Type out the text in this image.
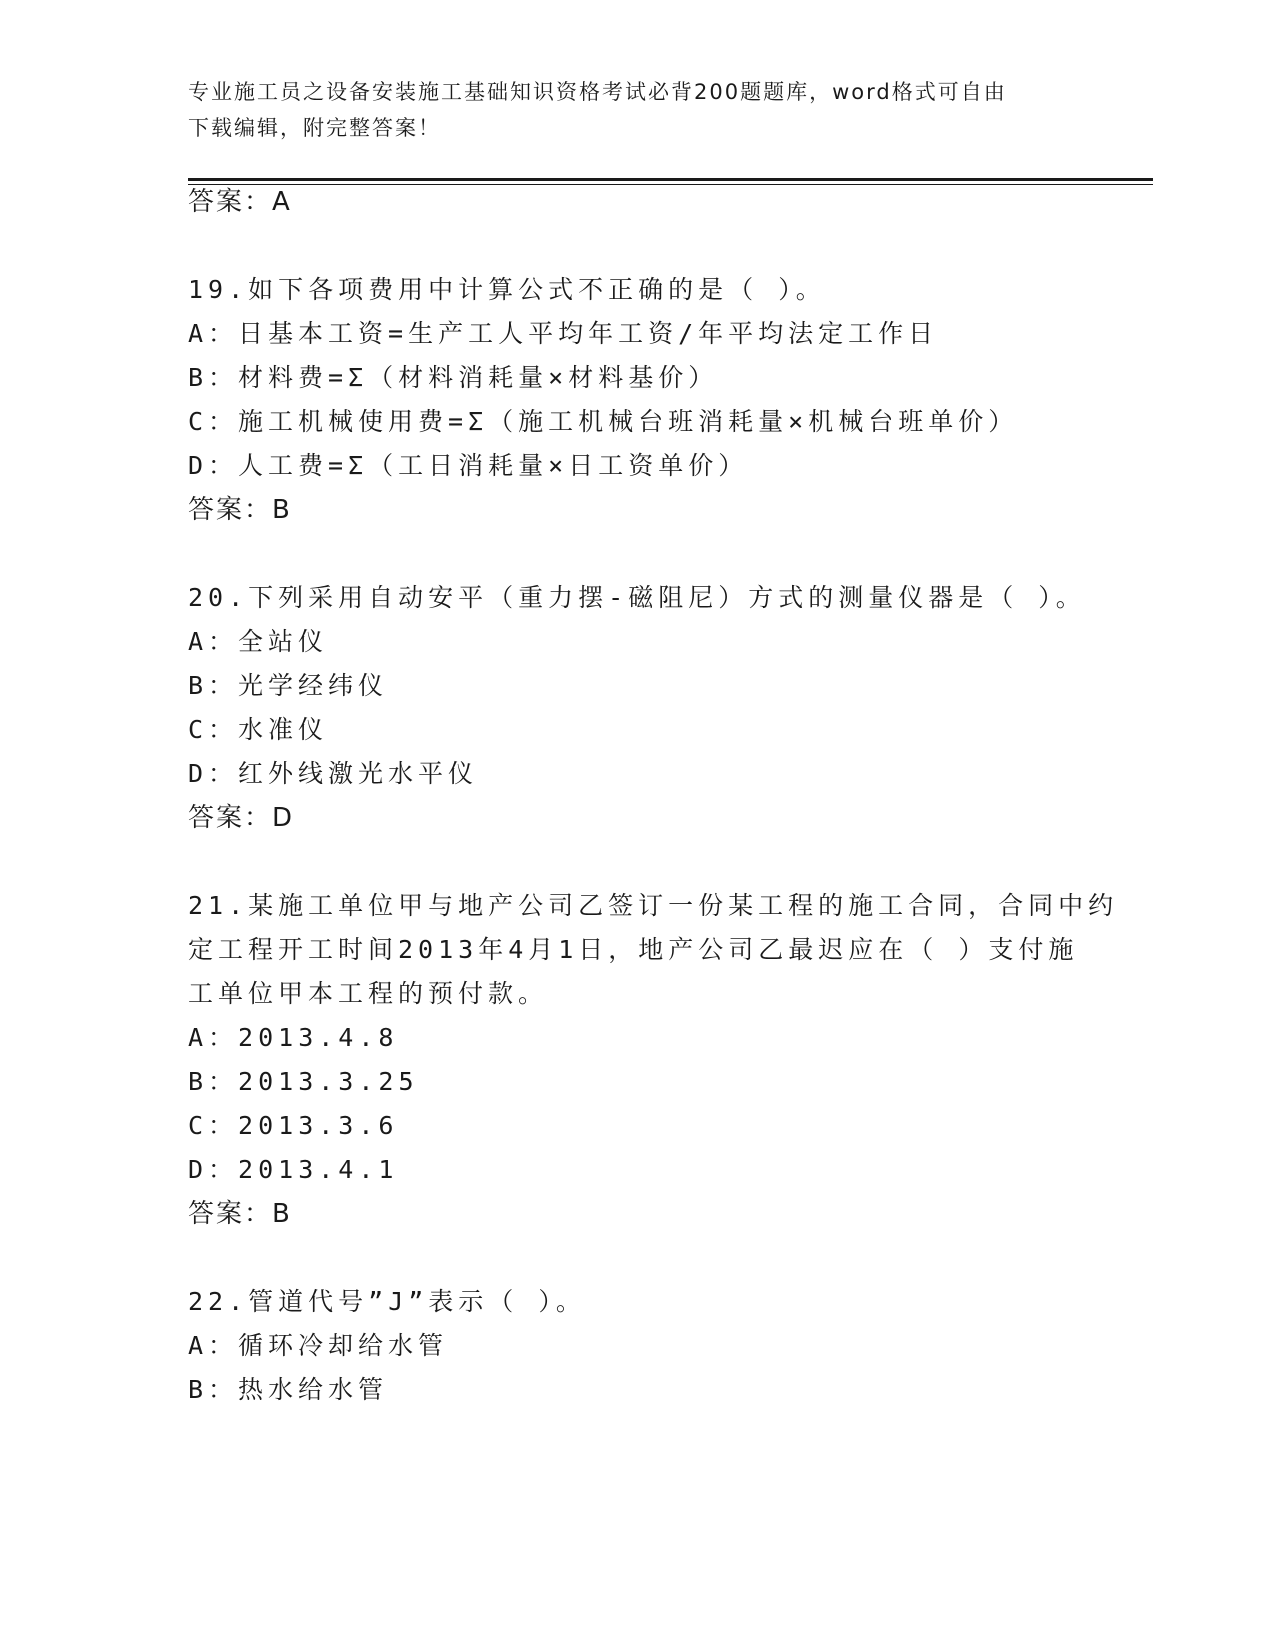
专业施工员之设备安装施工基础知识资格考试必背200题题库，word格式可自由
下载编辑，附完整答案！
答案：A
19.如下各项费用中计算公式不正确的是（ ）。
A：日基本工资=生产工人平均年工资/年平均法定工作日
B：材料费=Σ（材料消耗量×材料基价）
C：施工机械使用费=Σ（施工机械台班消耗量×机械台班单价）
D：人工费=Σ（工日消耗量×日工资单价）
答案：B
20.下列采用自动安平（重力摆-磁阻尼）方式的测量仪器是（ ）。
A：全站仪
B：光学经纬仪
C：水准仪
D：红外线激光水平仪
答案：D
21.某施工单位甲与地产公司乙签订一份某工程的施工合同，合同中约
定工程开工时间2013年4月1日，地产公司乙最迟应在（ ）支付施
工单位甲本工程的预付款。
A：2013.4.8
B：2013.3.25
C：2013.3.6
D：2013.4.1
答案：B
22.管道代号”J”表示（ ）。
A：循环冷却给水管
B：热水给水管
